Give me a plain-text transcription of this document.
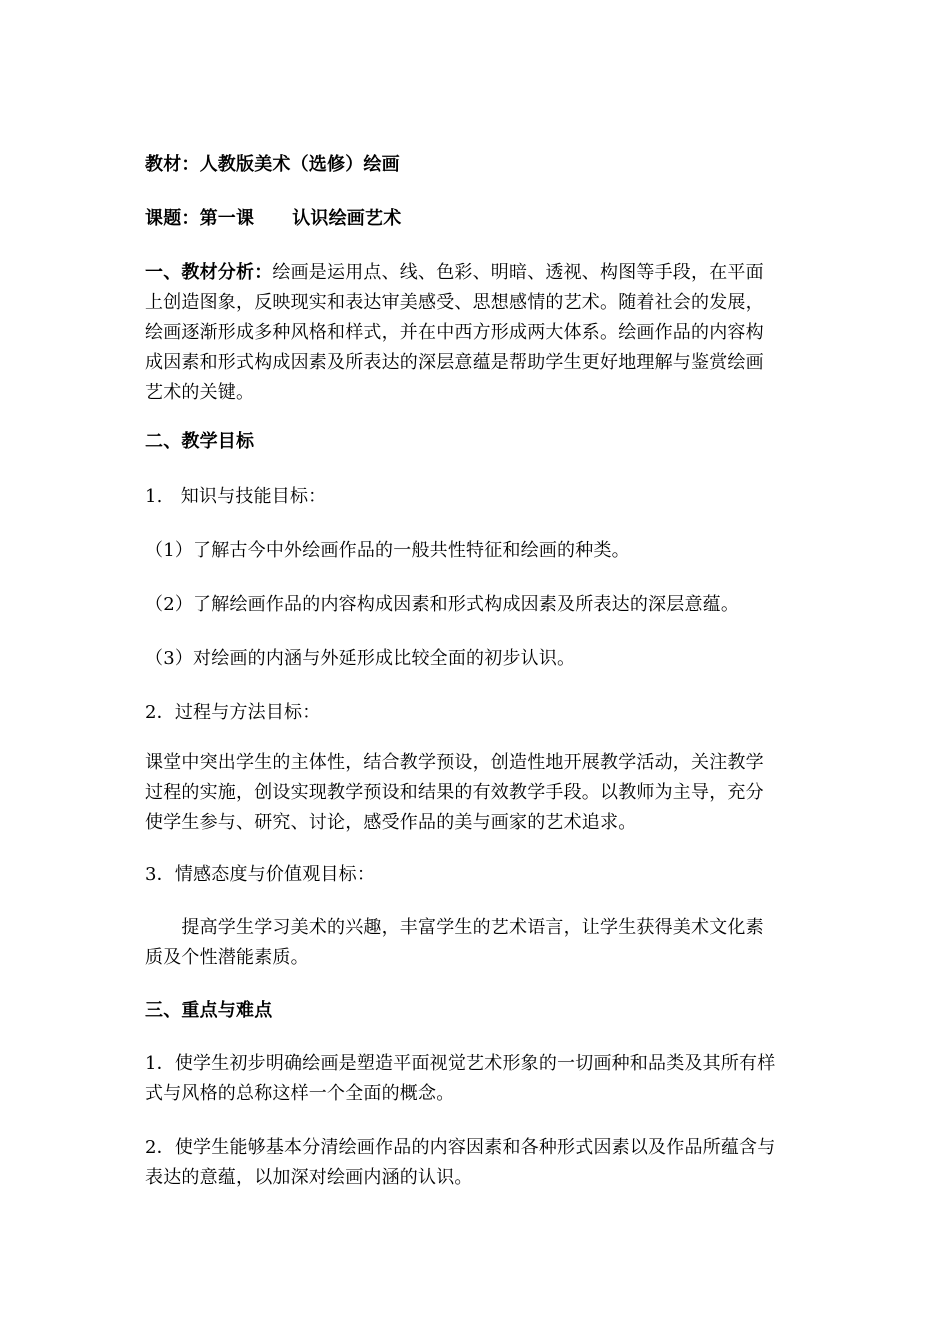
教材：人教版美术（选修）绘画
课题：第一课 认识绘画艺术
一、教材分析：绘画是运用点、线、色彩、明暗、透视、构图等手段，在平面
上创造图象，反映现实和表达审美感受、思想感情的艺术。随着社会的发展，
绘画逐渐形成多种风格和样式，并在中西方形成两大体系。绘画作品的内容构
成因素和形式构成因素及所表达的深层意蕴是帮助学生更好地理解与鉴赏绘画
艺术的关键。
二、教学目标
1.　知识与技能目标：
（1）了解古今中外绘画作品的一般共性特征和绘画的种类。
（2）了解绘画作品的内容构成因素和形式构成因素及所表达的深层意蕴。
（3）对绘画的内涵与外延形成比较全面的初步认识。
2．过程与方法目标：
课堂中突出学生的主体性，结合教学预设，创造性地开展教学活动，关注教学
过程的实施，创设实现教学预设和结果的有效教学手段。以教师为主导，充分
使学生参与、研究、讨论，感受作品的美与画家的艺术追求。
3．情感态度与价值观目标：
　　提高学生学习美术的兴趣，丰富学生的艺术语言，让学生获得美术文化素
质及个性潜能素质。
三、重点与难点
1．使学生初步明确绘画是塑造平面视觉艺术形象的一切画种和品类及其所有样
式与风格的总称这样一个全面的概念。
2．使学生能够基本分清绘画作品的内容因素和各种形式因素以及作品所蕴含与
表达的意蕴，以加深对绘画内涵的认识。
